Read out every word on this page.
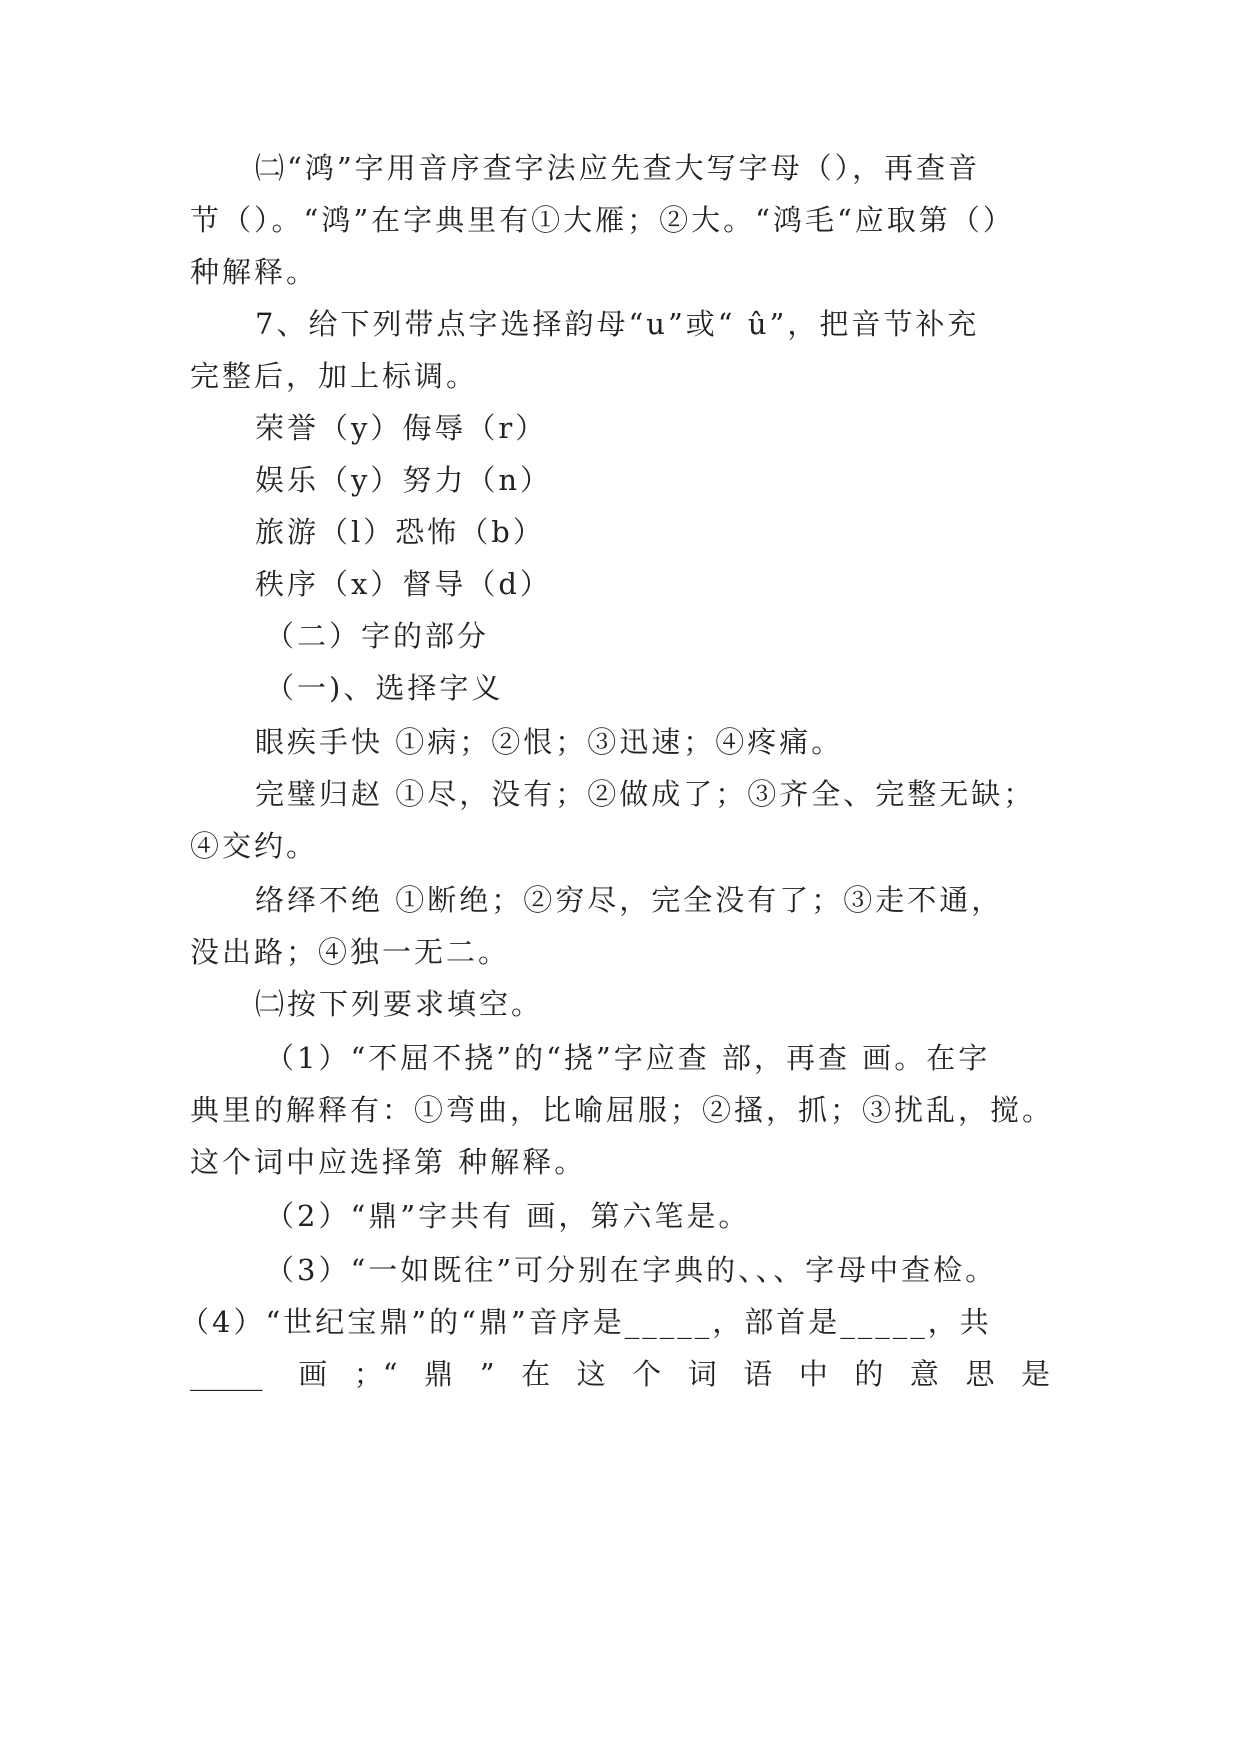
㈡“鸿”字用音序查字法应先查大写字母（），再查音
节（）。“鸿”在字典里有①大雁；②大。“鸿毛“应取第（）
种解释。
7、给下列带点字选择韵母“u”或“ û”，把音节补充
完整后，加上标调。
荣誉（y）侮辱（r）
娱乐（y）努力（n）
旅游（l）恐怖（b）
秩序（x）督导（d）
（二）字的部分
（一)、选择字义
眼疾手快 ①病；②恨；③迅速；④疼痛。
完璧归赵 ①尽，没有；②做成了；③齐全、完整无缺；
④交约。
络绎不绝 ①断绝；②穷尽，完全没有了；③走不通，
没出路；④独一无二。
㈡按下列要求填空。
（1）“不屈不挠”的“挠”字应查 部，再查 画。在字
典里的解释有：①弯曲，比喻屈服；②搔，抓；③扰乱，搅。
这个词中应选择第 种解释。
（2）“鼎”字共有 画，第六笔是。
（3）“一如既往”可分别在字典的、、、字母中查检。
（4）“世纪宝鼎”的“鼎”音序是_____，部首是_____，共
_____ 画；“鼎”在这个词语中的意思是
